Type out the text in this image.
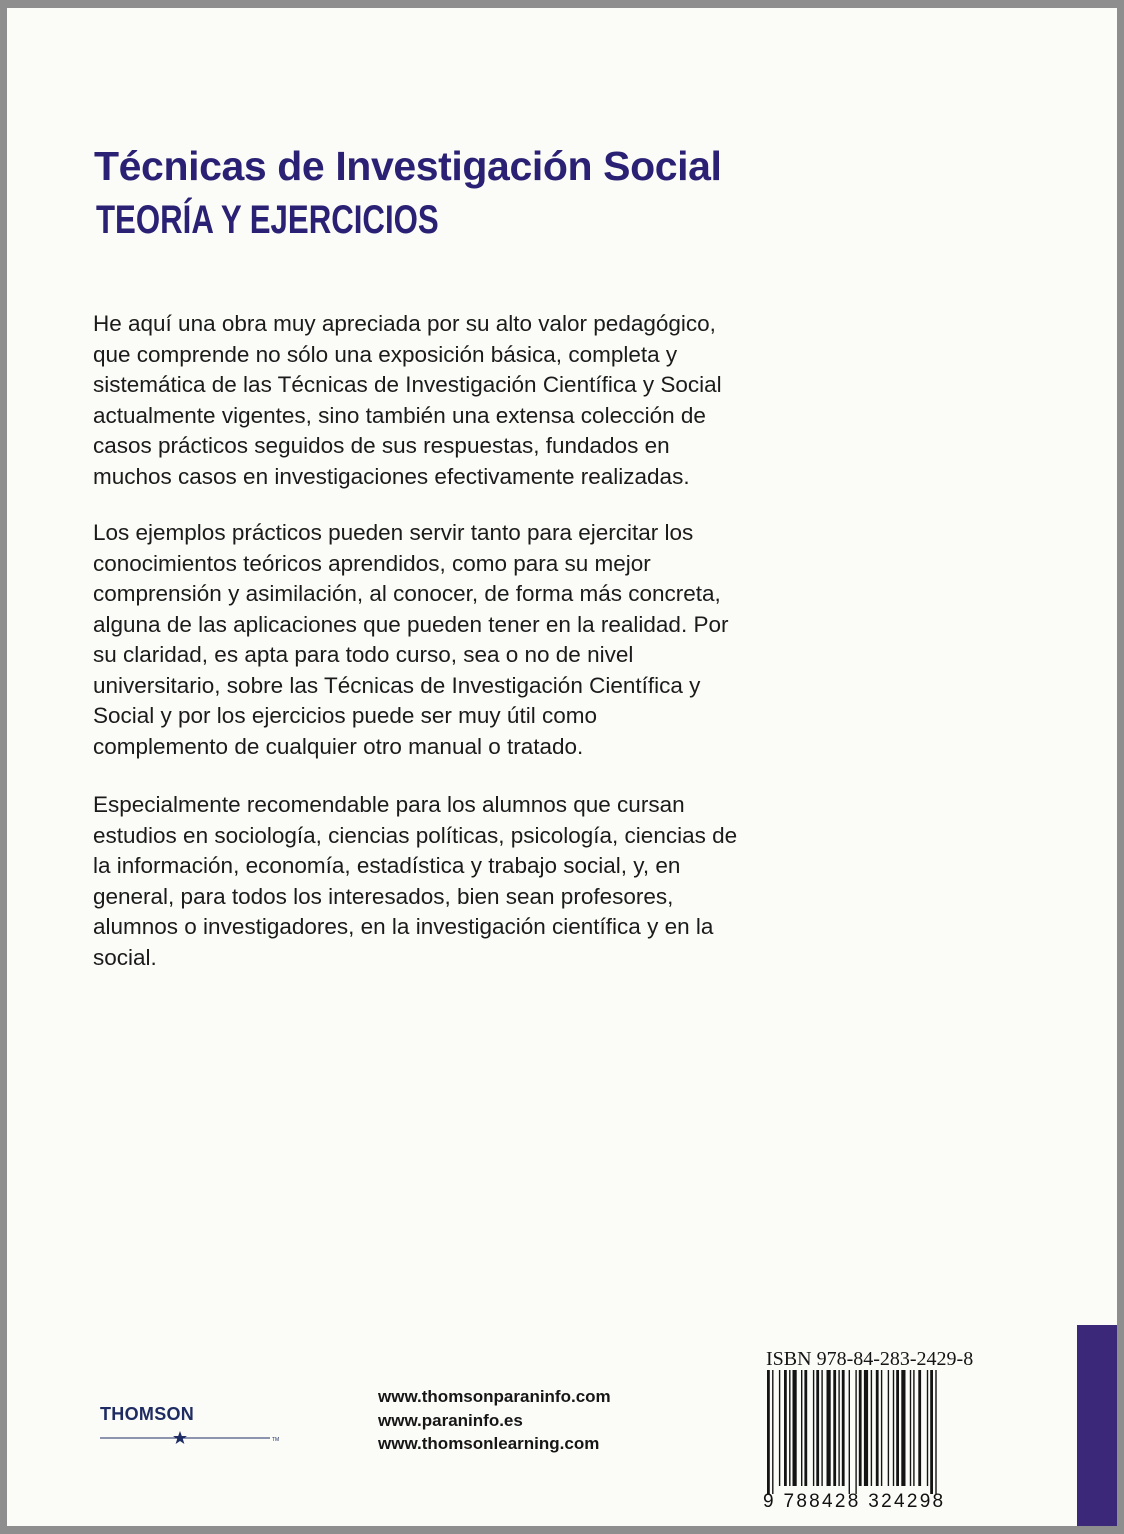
Técnicas de Investigación Social
TEORÍA Y EJERCICIOS

He aquí una obra muy apreciada por su alto valor pedagógico,
que comprende no sólo una exposición básica, completa y
sistemática de las Técnicas de Investigación Científica y Social
actualmente vigentes, sino también una extensa colección de
casos prácticos seguidos de sus respuestas, fundados en
muchos casos en investigaciones efectivamente realizadas.

Los ejemplos prácticos pueden servir tanto para ejercitar los
conocimientos teóricos aprendidos, como para su mejor
comprensión y asimilación, al conocer, de forma más concreta,
alguna de las aplicaciones que pueden tener en la realidad. Por
su claridad, es apta para todo curso, sea o no de nivel
universitario, sobre las Técnicas de Investigación Científica y
Social y por los ejercicios puede ser muy útil como
complemento de cualquier otro manual o tratado.

Especialmente recomendable para los alumnos que cursan
estudios en sociología, ciencias políticas, psicología, ciencias de
la información, economía, estadística y trabajo social, y, en
general, para todos los interesados, bien sean profesores,
alumnos o investigadores, en la investigación científica y en la
social.

THOMSON
TM
www.thomsonparaninfo.com
www.paraninfo.es
www.thomsonlearning.com
ISBN 978-84-283-2429-8
9 788428 324298
